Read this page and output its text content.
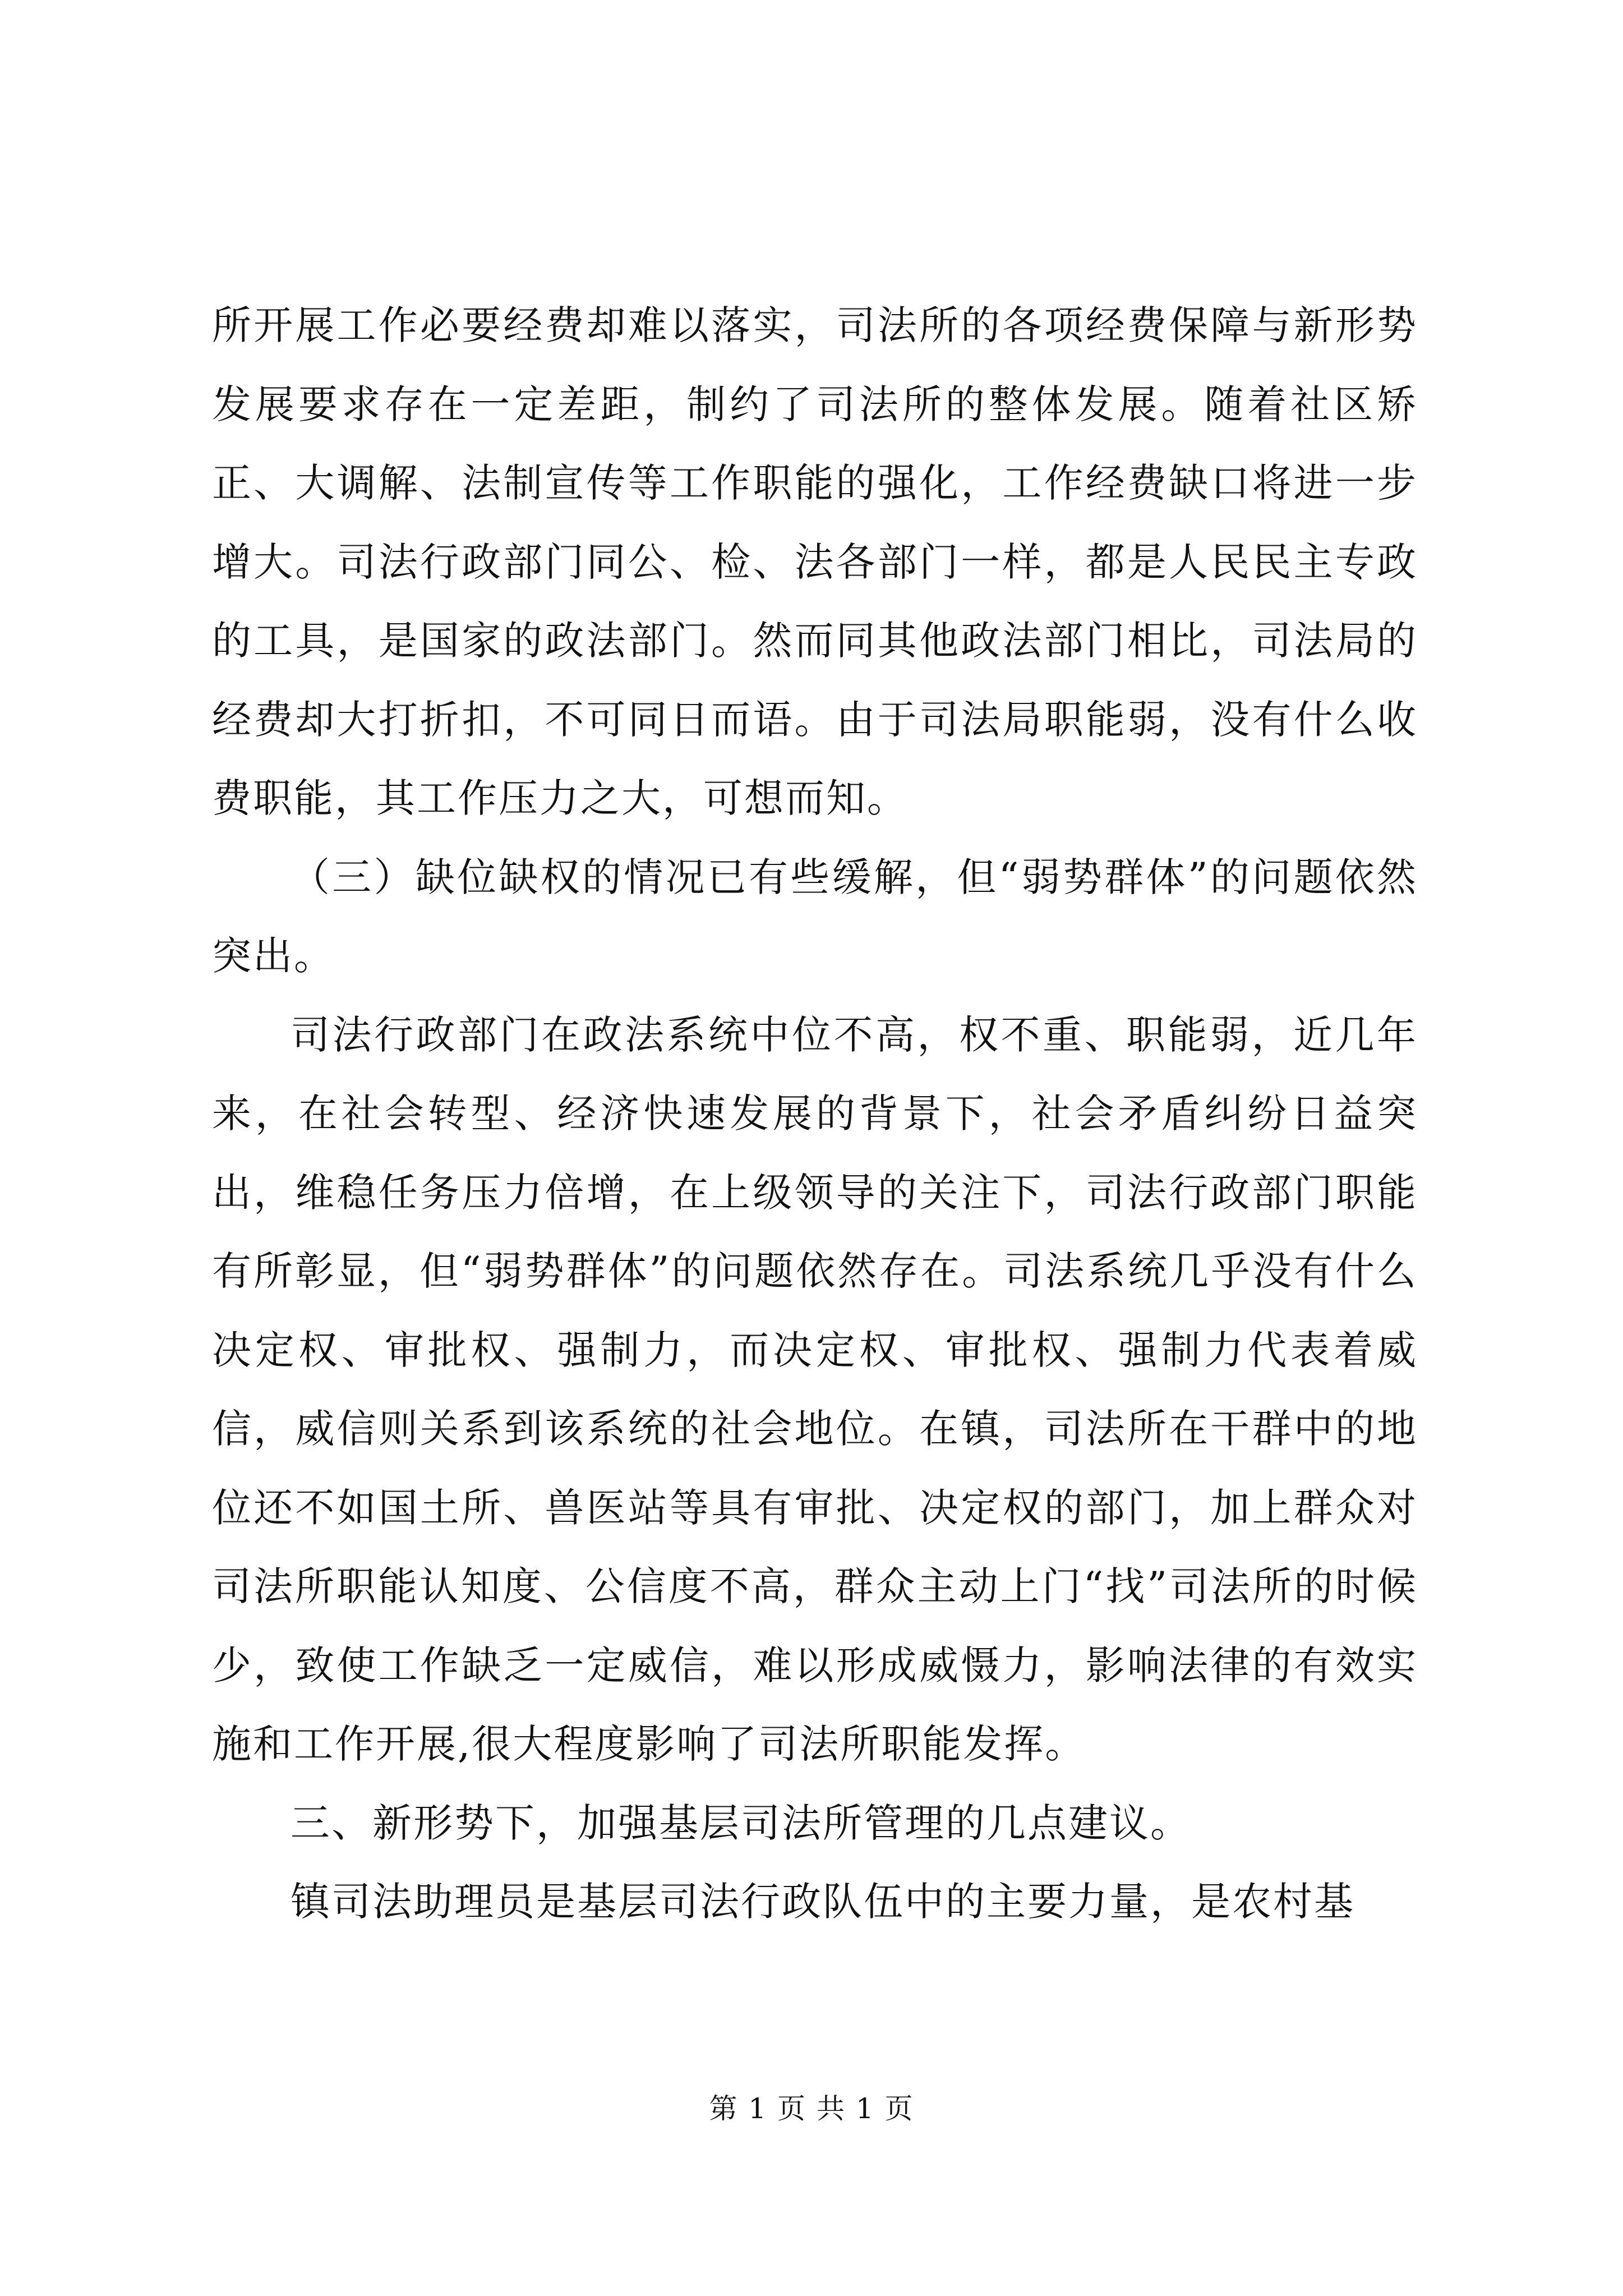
所开展工作必要经费却难以落实，司法所的各项经费保障与新形势发展要求存在一定差距，制约了司法所的整体发展。随着社区矫正、大调解、法制宣传等工作职能的强化，工作经费缺口将进一步增大。司法行政部门同公、检、法各部门一样，都是人民民主专政的工具，是国家的政法部门。然而同其他政法部门相比，司法局的经费却大打折扣，不可同日而语。由于司法局职能弱，没有什么收费职能，其工作压力之大，可想而知。

（三）缺位缺权的情况已有些缓解，但“弱势群体”的问题依然突出。

司法行政部门在政法系统中位不高，权不重、职能弱，近几年来，在社会转型、经济快速发展的背景下，社会矛盾纠纷日益突出，维稳任务压力倍增，在上级领导的关注下，司法行政部门职能有所彰显，但“弱势群体”的问题依然存在。司法系统几乎没有什么决定权、审批权、强制力，而决定权、审批权、强制力代表着威信，威信则关系到该系统的社会地位。在镇，司法所在干群中的地位还不如国土所、兽医站等具有审批、决定权的部门，加上群众对司法所职能认知度、公信度不高，群众主动上门“找”司法所的时候少，致使工作缺乏一定威信，难以形成威慑力，影响法律的有效实施和工作开展,很大程度影响了司法所职能发挥。

三、新形势下，加强基层司法所管理的几点建议。

镇司法助理员是基层司法行政队伍中的主要力量，是农村基

第 1 页 共 1 页
